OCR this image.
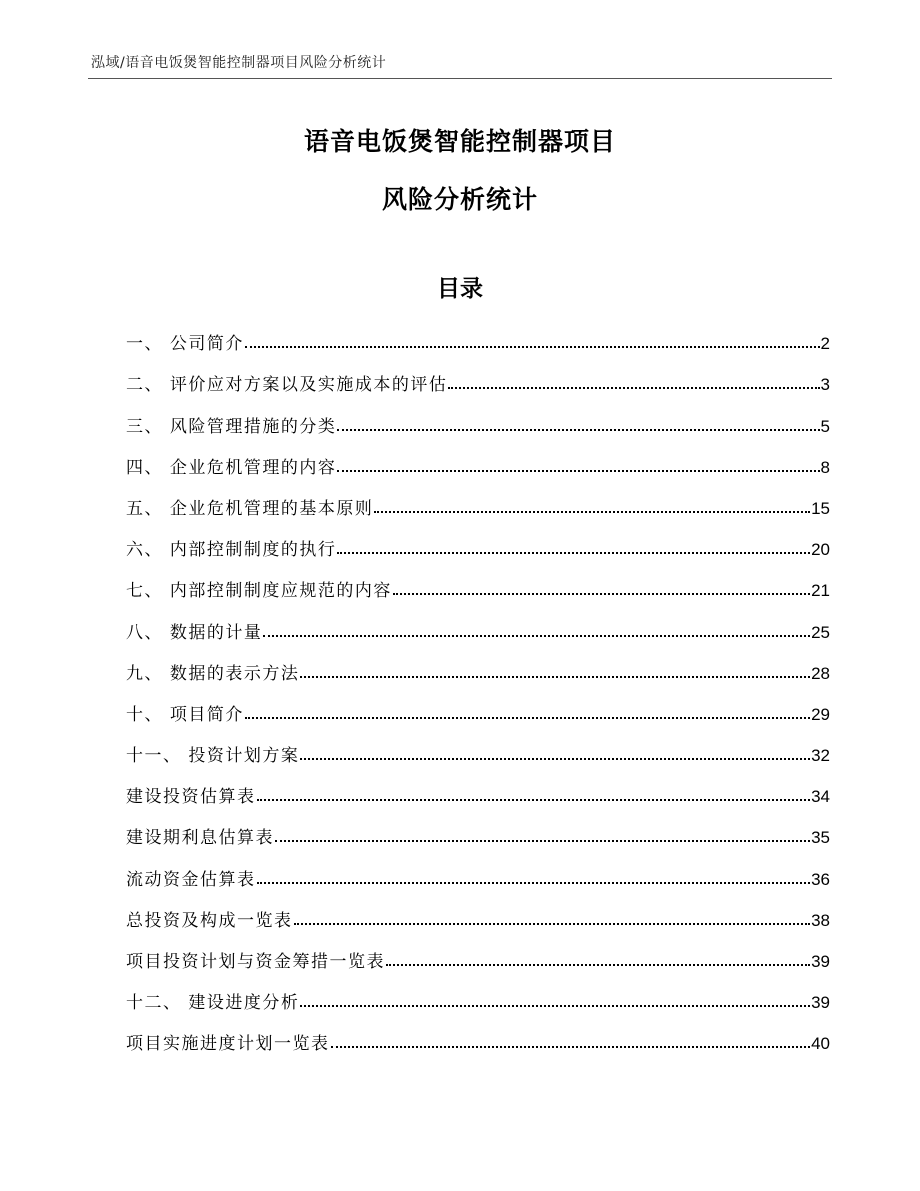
泓域/语音电饭煲智能控制器项目风险分析统计
语音电饭煲智能控制器项目
风险分析统计
目录
一、 公司简介	2
二、 评价应对方案以及实施成本的评估	3
三、 风险管理措施的分类	5
四、 企业危机管理的内容	8
五、 企业危机管理的基本原则	15
六、 内部控制制度的执行	20
七、 内部控制制度应规范的内容	21
八、 数据的计量	25
九、 数据的表示方法	28
十、 项目简介	29
十一、 投资计划方案	32
建设投资估算表	34
建设期利息估算表	35
流动资金估算表	36
总投资及构成一览表	38
项目投资计划与资金筹措一览表	39
十二、 建设进度分析	39
项目实施进度计划一览表	40
